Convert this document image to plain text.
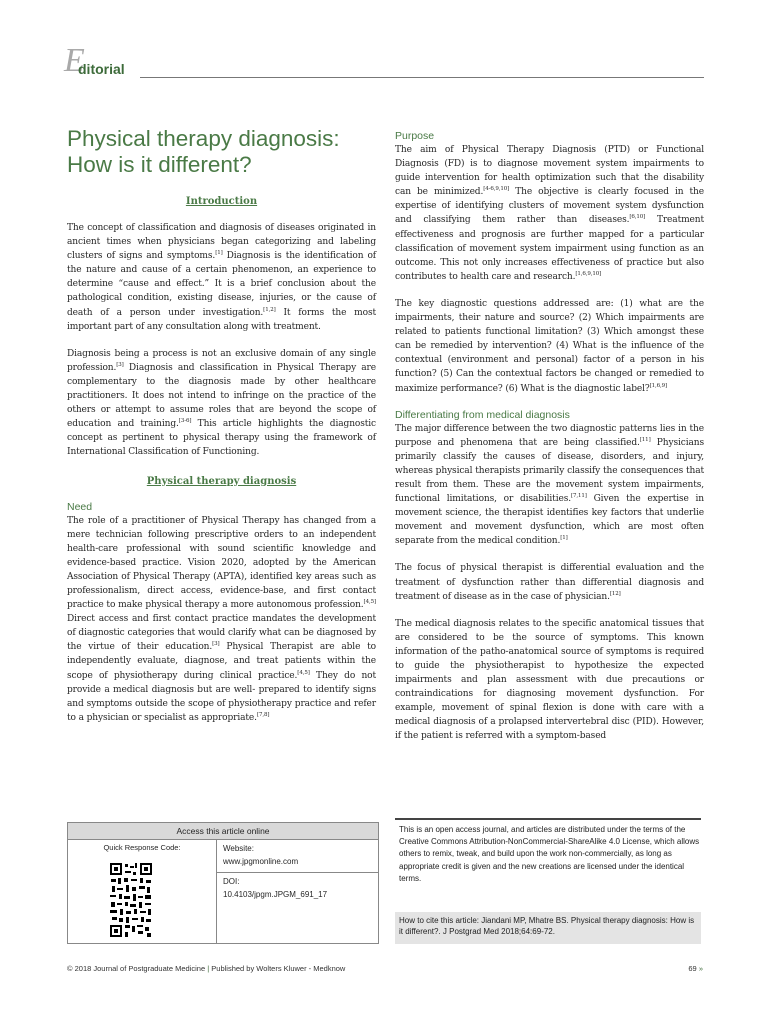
E
ditorial
Physical therapy diagnosis: How is it different?
Introduction

The concept of classification and diagnosis of diseases originated in ancient times when physicians began categorizing and labeling clusters of signs and symptoms.[1] Diagnosis is the identification of the nature and cause of a certain phenomenon, an experience to determine “cause and effect.” It is a brief conclusion about the pathological condition, existing disease, injuries, or the cause of death of a person under investigation.[1,2] It forms the most important part of any consultation along with treatment.

Diagnosis being a process is not an exclusive domain of any single profession.[3] Diagnosis and classification in Physical Therapy are complementary to the diagnosis made by other healthcare practitioners. It does not intend to infringe on the practice of the others or attempt to assume roles that are beyond the scope of education and training.[3-6] This article highlights the diagnostic concept as pertinent to physical therapy using the framework of International Classification of Functioning.

Physical therapy diagnosis
Need

The role of a practitioner of Physical Therapy has changed from a mere technician following prescriptive orders to an independent health-care professional with sound scientific knowledge and evidence-based practice. Vision 2020, adopted by the American Association of Physical Therapy (APTA), identified key areas such as professionalism, direct access, evidence-base, and first contact practice to make physical therapy a more autonomous profession.[4,5] Direct access and first contact practice mandates the development of diagnostic categories that would clarify what can be diagnosed by the virtue of their education.[3] Physical Therapist are able to independently evaluate, diagnose, and treat patients within the scope of physiotherapy during clinical practice.[4,5] They do not provide a medical diagnosis but are well- prepared to identify signs and symptoms outside the scope of physiotherapy practice and refer to a physician or specialist as appropriate.[7,8]

Purpose

The aim of Physical Therapy Diagnosis (PTD) or Functional Diagnosis (FD) is to diagnose movement system impairments to guide intervention for health optimization such that the disability can be minimized.[4-6,9,10] The objective is clearly focused in the expertise of identifying clusters of movement system dysfunction and classifying them rather than diseases.[6,10] Treatment effectiveness and prognosis are further mapped for a particular classification of movement system impairment using function as an outcome. This not only increases effectiveness of practice but also contributes to health care and research.[1,6,9,10]

The key diagnostic questions addressed are: (1) what are the impairments, their nature and source? (2) Which impairments are related to patients functional limitation? (3) Which amongst these can be remedied by intervention? (4) What is the influence of the contextual (environment and personal) factor of a person in his function? (5) Can the contextual factors be changed or remedied to maximize performance? (6) What is the diagnostic label?[1,6,9]

Differentiating from medical diagnosis

The major difference between the two diagnostic patterns lies in the purpose and phenomena that are being classified.[11] Physicians primarily classify the causes of disease, disorders, and injury, whereas physical therapists primarily classify the consequences that result from them. These are the movement system impairments, functional limitations, or disabilities.[7,11] Given the expertise in movement science, the therapist identifies key factors that underlie movement and movement dysfunction, which are most often separate from the medical condition.[1]

The focus of physical therapist is differential evaluation and the treatment of dysfunction rather than differential diagnosis and treatment of disease as in the case of physician.[12]

The medical diagnosis relates to the specific anatomical tissues that are considered to be the source of symptoms. This known information of the patho-anatomical source of symptoms is required to guide the physiotherapist to hypothesize the expected impairments and plan assessment with due precautions or contraindications for diagnosing movement dysfunction. For example, movement of spinal flexion is done with care with a medical diagnosis of a prolapsed intervertebral disc (PID). However, if the patient is referred with a symptom-based

Access this article online
Quick Response Code:	Website:
www.jpgmonline.com
DOI:
10.4103/jpgm.JPGM_691_17
This is an open access journal, and articles are distributed under the terms of the Creative Commons Attribution-NonCommercial-ShareAlike 4.0 License, which allows others to remix, tweak, and build upon the work non-commercially, as long as appropriate credit is given and the new creations are licensed under the identical terms.
How to cite this article: Jiandani MP, Mhatre BS. Physical therapy diagnosis: How is it different?. J Postgrad Med 2018;64:69-72.
© 2018 Journal of Postgraduate Medicine | Published by Wolters Kluwer - Medknow	69 »
